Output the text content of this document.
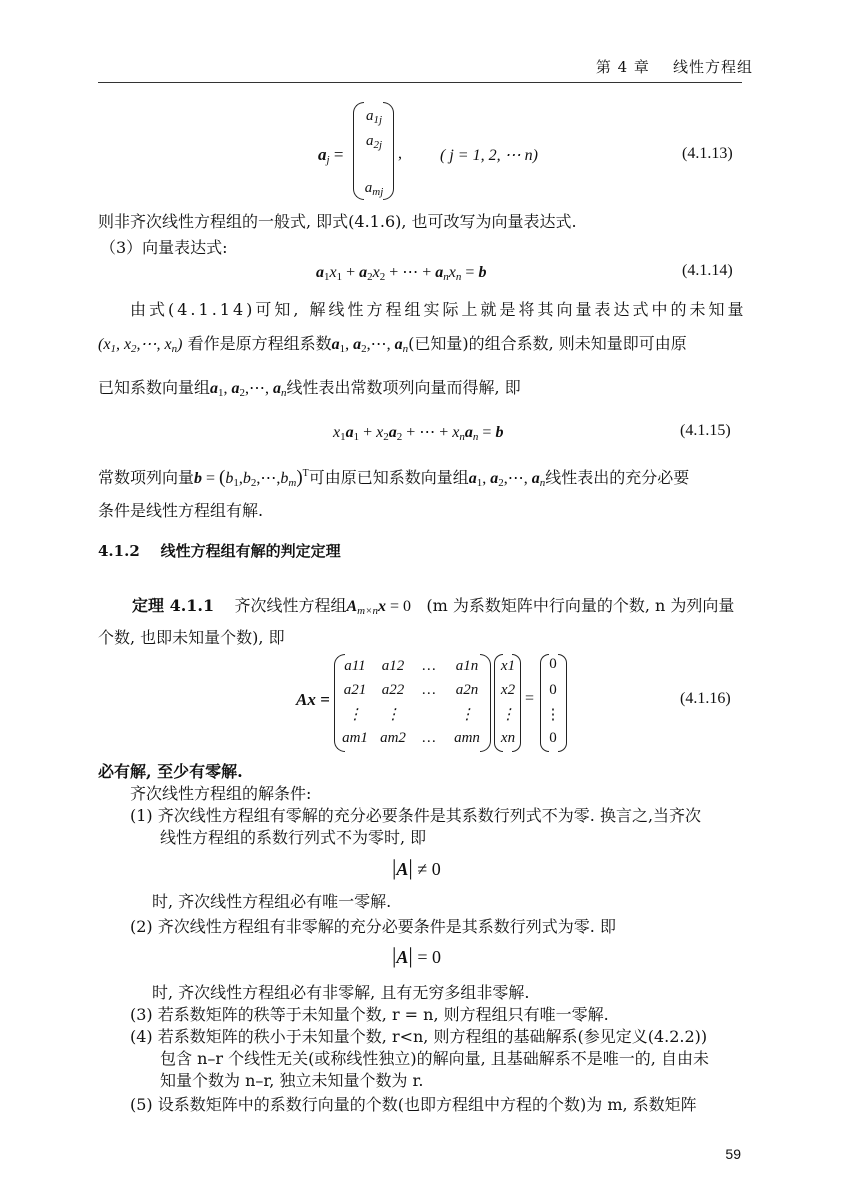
第 4 章 线性方程组
$a_j$ =
$a_{1j}$
$a_{2j}$
$a_{mj}$
, ( j = 1, 2, ⋯ n)	(4.1.13)
则非齐次线性方程组的一般式, 即式(4.1.6), 也可改写为向量表达式.
（3）向量表达式:
$a_1x_1 + a_2x_2$ + ⋯ + $a_nx_n = b$	(4.1.14)
由式(4.1.14)可知, 解线性方程组实际上就是将其向量表达式中的未知量
($x_1$, $x_2,\cdots$, $x_n$) 看作是原方程组系数$a_1$, $a_2,\cdots$, $a_n$(已知量)的组合系数, 则未知量即可由原
已知系数向量组$a_1$, $a_2,\cdots$, $a_n$线性表出常数项列向量而得解, 即
$x_1a_1 + x_2a_2$ + ⋯ + $x_na_n = b$	(4.1.15)
常数项列向量$b = (b_1,b_2,\cdots,b_m)^T$可由原已知系数向量组$a_1$, $a_2,\cdots$, $a_n$线性表出的充分必要
条件是线性方程组有解.
4.1.2 线性方程组有解的判定定理
定理 4.1.1 齐次线性方程组$A_{m\times n}x = 0$ (m 为系数矩阵中行向量的个数, n 为列向量
个数, 也即未知量个数), 即
Ax =
a11 a12	…	a1n
a21 a22	…	a2n
⋮	⋮	⋮
am1 am2	…	amn
x1
x2
⋮
xn
=
0
0
⋮
0
(4.1.16)
必有解, 至少有零解.
齐次线性方程组的解条件:
(1) 齐次线性方程组有零解的充分必要条件是其系数行列式不为零. 换言之,当齐次
线性方程组的系数行列式不为零时, 即
|A| ≠ 0
时, 齐次线性方程组必有唯一零解.
(2) 齐次线性方程组有非零解的充分必要条件是其系数行列式为零. 即
|A| = 0
时, 齐次线性方程组必有非零解, 且有无穷多组非零解.
(3) 若系数矩阵的秩等于未知量个数, r = n, 则方程组只有唯一零解.
(4) 若系数矩阵的秩小于未知量个数, r<n, 则方程组的基础解系(参见定义(4.2.2))
包含 n–r 个线性无关(或称线性独立)的解向量, 且基础解系不是唯一的, 自由未
知量个数为 n–r, 独立未知量个数为 r.
(5) 设系数矩阵中的系数行向量的个数(也即方程组中方程的个数)为 m, 系数矩阵
59
